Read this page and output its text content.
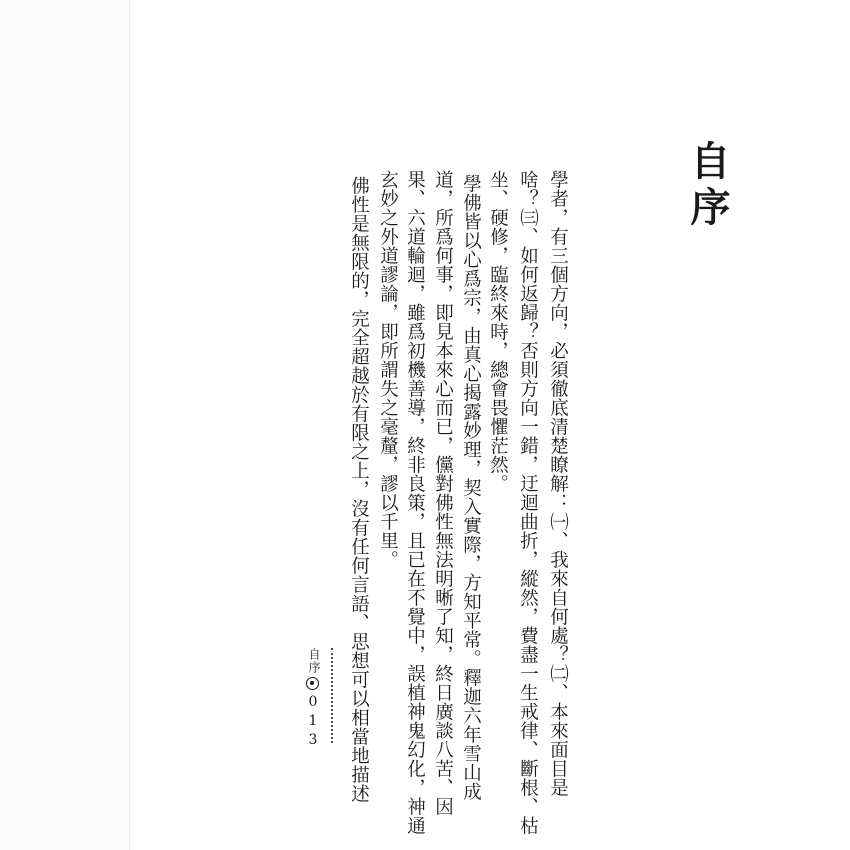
自序

學者，有三個方向，必須徹底清楚瞭解：㈠、我來自何處？㈡、本來面目是

啥？㈢、如何返歸？否則方向一錯，迂迴曲折，縱然，費盡一生戒律、斷根、枯

坐、硬修，臨終來時，總會畏懼茫然。

學佛皆以心爲宗，由真心揭露妙理，契入實際，方知平常。釋迦六年雪山成

道，所爲何事，即見本來心而已，儻對佛性無法明晰了知，終日廣談八苦、因

果、六道輪迴，雖爲初機善導，終非良策，且已在不覺中，誤植神鬼幻化，神通

玄妙之外道謬論，即所謂失之毫釐，謬以千里。

佛性是無限的，完全超越於有限之上，沒有任何言語、思想可以相當地描述

自序
013
